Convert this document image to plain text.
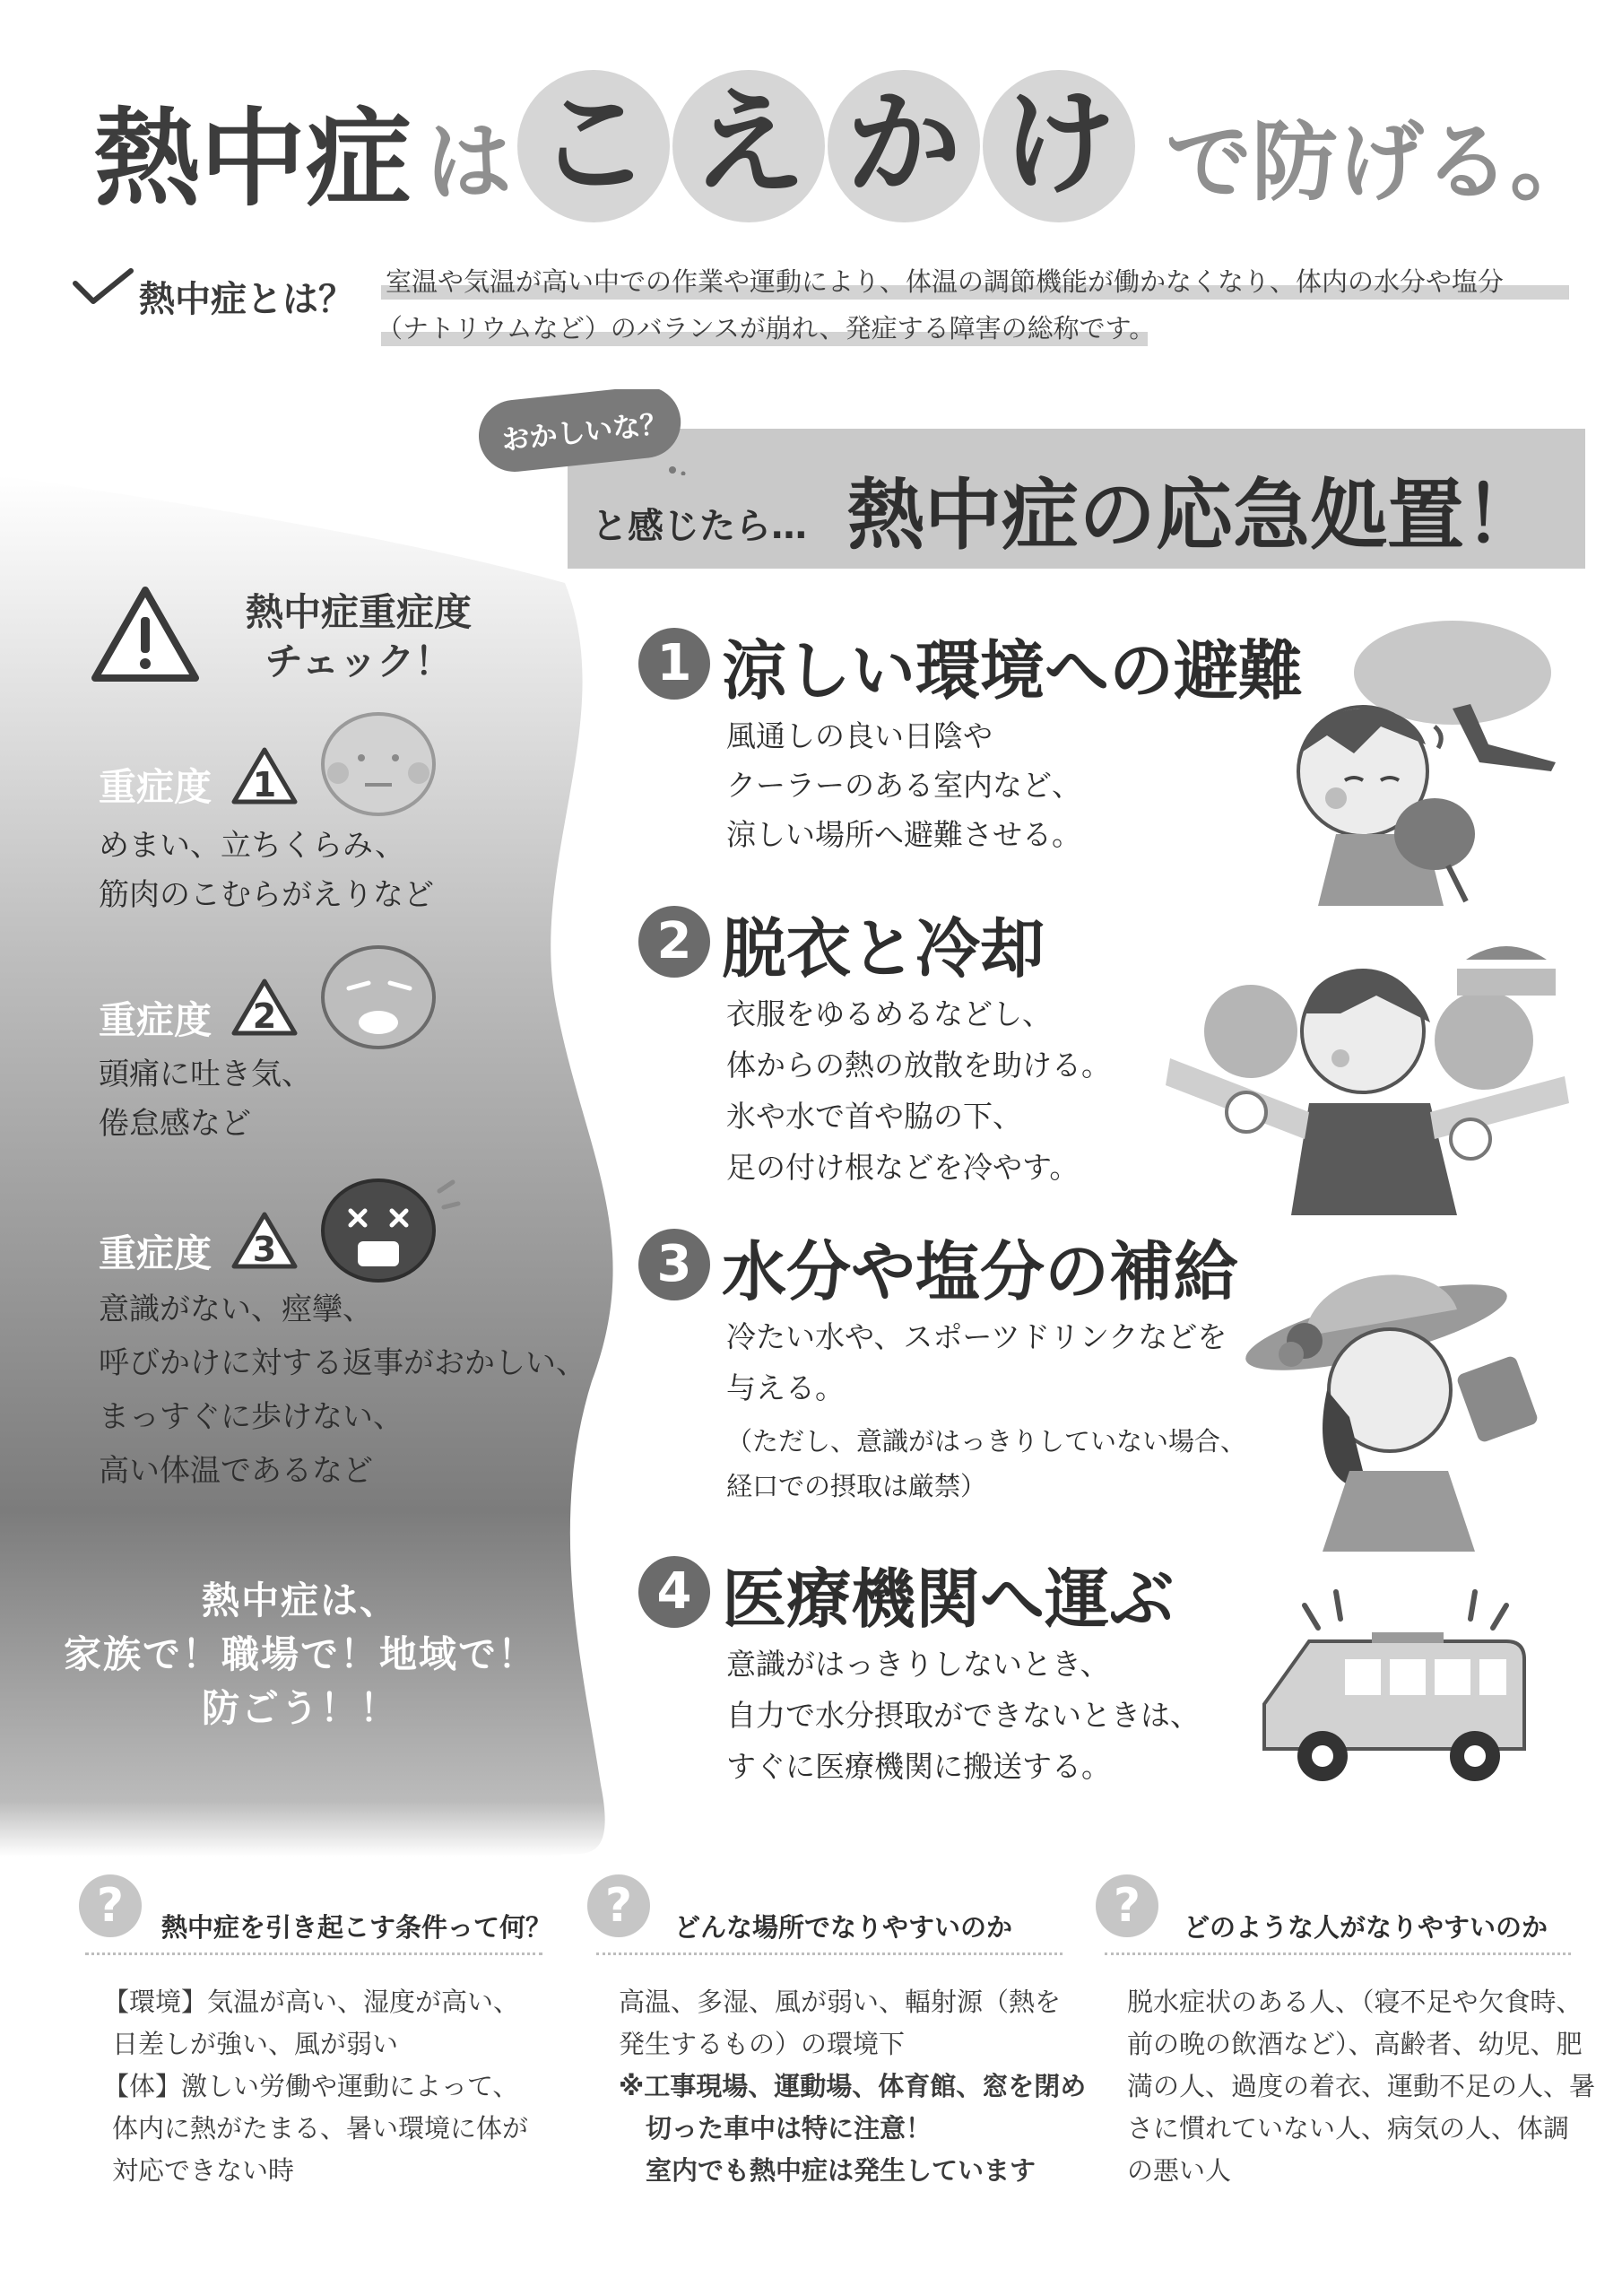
熱中症 は こ え か け で防げる。
熱中症とは？ 室温や気温が高い中での作業や運動により、体温の調節機能が働かなくなり、体内の水分や塩分
（ナトリウムなど）のバランスが崩れ、発症する障害の総称です。
おかしいな？
と感じたら… 熱中症の応急処置！
熱中症重症度
チェック！
重症度 1
めまい、立ちくらみ、
筋肉のこむらがえりなど
重症度 2
頭痛に吐き気、
倦怠感など
重症度 3
意識がない、痙攣、
呼びかけに対する返事がおかしい、
まっすぐに歩けない、
高い体温であるなど
熱中症は、
家族で！職場で！地域で！
防ごう！！
1 涼しい環境への避難
風通しの良い日陰や
クーラーのある室内など、
涼しい場所へ避難させる。
2 脱衣と冷却
衣服をゆるめるなどし、
体からの熱の放散を助ける。
氷や水で首や脇の下、
足の付け根などを冷やす。
3 水分や塩分の補給
冷たい水や、スポーツドリンクなどを
与える。
（ただし、意識がはっきりしていない場合、
経口での摂取は厳禁）
4 医療機関へ運ぶ
意識がはっきりしないとき、
自力で水分摂取ができないときは、
すぐに医療機関に搬送する。
?	熱中症を引き起こす条件って何？
【環境】気温が高い、湿度が高い、
日差しが強い、風が弱い
【体】激しい労働や運動によって、
体内に熱がたまる、暑い環境に体が
対応できない時
?	どんな場所でなりやすいのか
高温、多湿、風が弱い、輻射源（熱を
発生するもの）の環境下
※工事現場、運動場、体育館、窓を閉め
切った車中は特に注意！
室内でも熱中症は発生しています
?	どのような人がなりやすいのか
脱水症状のある人、（寝不足や欠食時、
前の晩の飲酒など）、高齢者、幼児、肥
満の人、過度の着衣、運動不足の人、暑
さに慣れていない人、病気の人、体調
の悪い人
